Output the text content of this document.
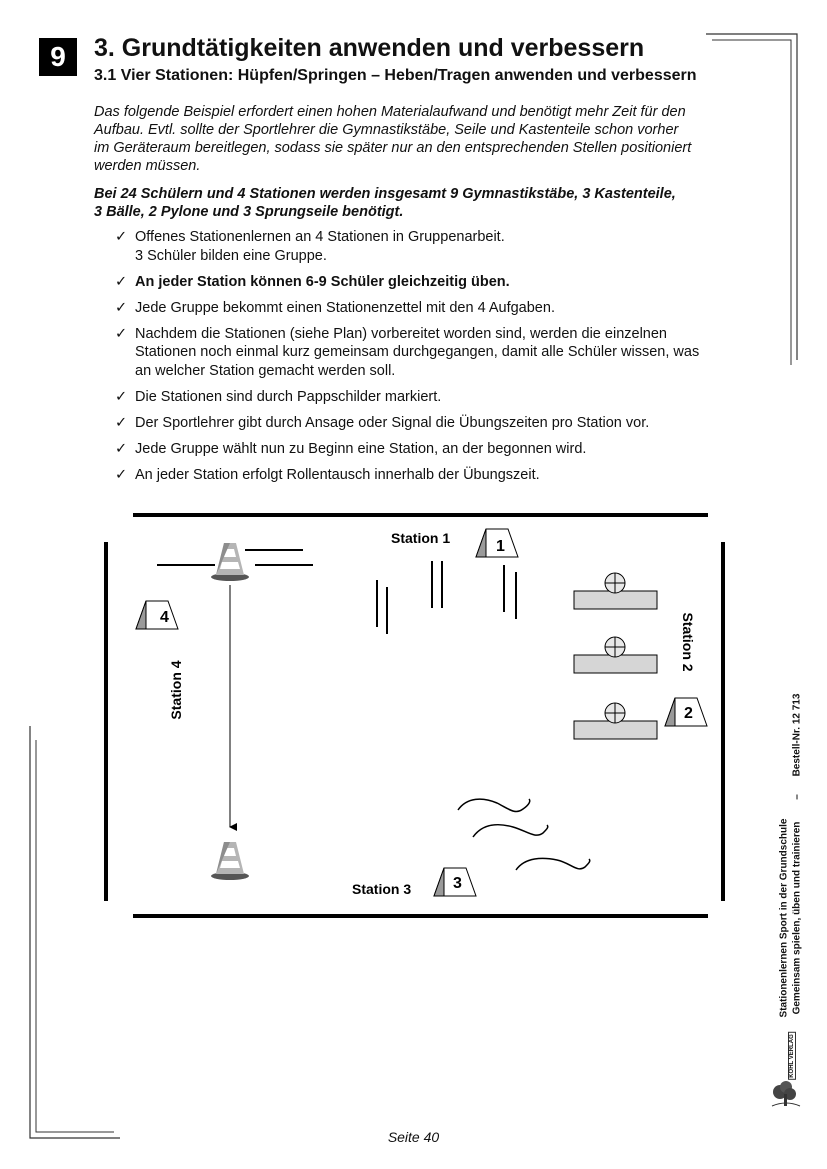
9	3. Grundtätigkeiten anwenden und verbessern
3.1 Vier Stationen: Hüpfen/Springen – Heben/Tragen anwenden und verbessern
Das folgende Beispiel erfordert einen hohen Materialaufwand und benötigt mehr Zeit für den
Aufbau. Evtl. sollte der Sportlehrer die Gymnastikstäbe, Seile und Kastenteile schon vorher
im Geräteraum bereitlegen, sodass sie später nur an den entsprechenden Stellen positioniert
werden müssen.
Bei 24 Schülern und 4 Stationen werden insgesamt 9 Gymnastikstäbe, 3 Kastenteile,
3 Bälle, 2 Pylone und 3 Sprungseile benötigt.
✓ Offenes Stationenlernen an 4 Stationen in Gruppenarbeit.
3 Schüler bilden eine Gruppe.
✓ An jeder Station können 6-9 Schüler gleichzeitig üben.
✓ Jede Gruppe bekommt einen Stationenzettel mit den 4 Aufgaben.
✓ Nachdem die Stationen (siehe Plan) vorbereitet worden sind, werden die einzelnen
Stationen noch einmal kurz gemeinsam durchgegangen, damit alle Schüler wissen, was
an welcher Station gemacht werden soll.
✓ Die Stationen sind durch Pappschilder markiert.
✓ Der Sportlehrer gibt durch Ansage oder Signal die Übungszeiten pro Station vor.
✓ Jede Gruppe wählt nun zu Beginn eine Station, an der begonnen wird.
✓ An jeder Station erfolgt Rollentausch innerhalb der Übungszeit.
4
Station 4
Station 1	1
2
Station 2
Station 3	3
Bestell-Nr. 12 713
–
Stationenlernen Sport in der Grundschule Gemeinsam spielen, üben und trainieren
KOHL VERLAG
Seite 40
